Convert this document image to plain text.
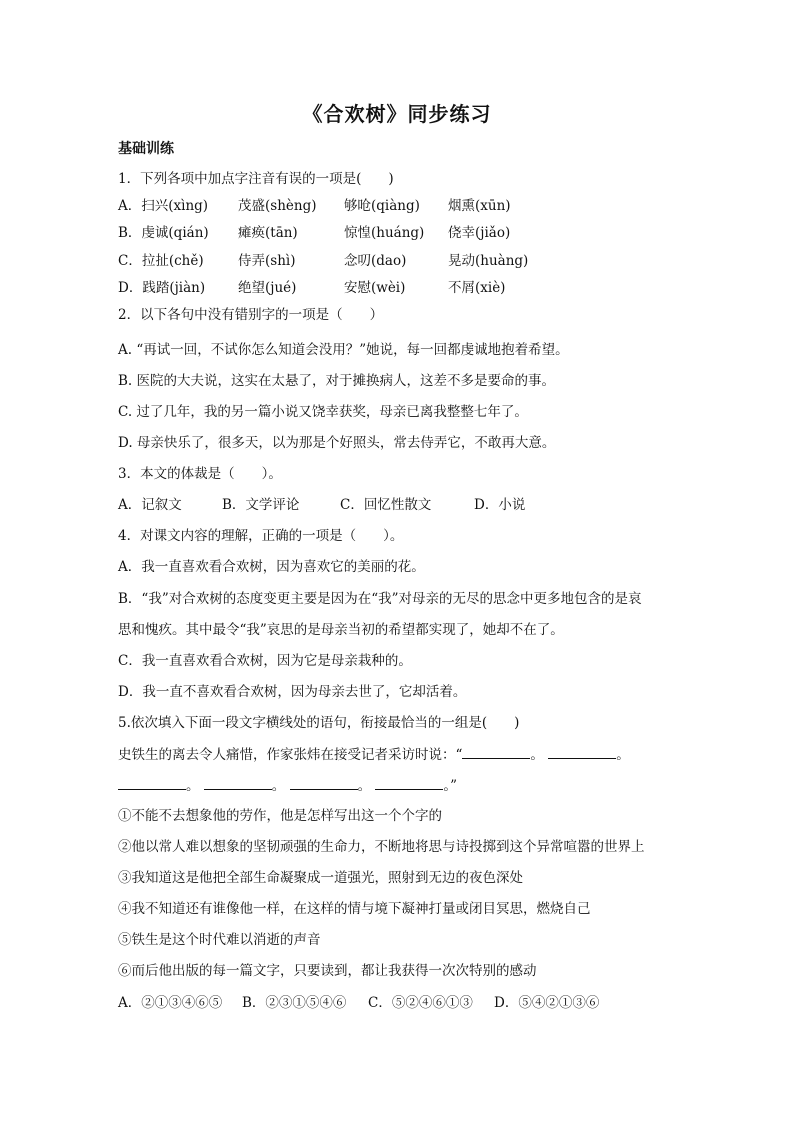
《合欢树》同步练习
基础训练
1．下列各项中加点字注音有误的一项是(　　)
A．扫兴(xìng) 茂盛(shèng) 够呛(qiàng) 烟熏(xūn)
B．虔诚(qián) 瘫痪(tān)	惊惶(huáng) 侥幸(jiǎo)
C．拉扯(chě)	侍弄(shì)	念叨(dao)	晃动(huàng)
D．践踏(jiàn) 绝望(jué)	安慰(wèi)	不屑(xiè)
2．以下各句中没有错别字的一项是（　　）
A. “再试一回，不试你怎么知道会没用？”她说，每一回都虔诚地抱着希望。
B. 医院的大夫说，这实在太悬了，对于摊换病人，这差不多是要命的事。
C. 过了几年，我的另一篇小说又饶幸获奖，母亲已离我整整七年了。
D. 母亲快乐了，很多天，以为那是个好照头，常去侍弄它，不敢再大意。
3．本文的体裁是（　　）。
A．记叙文	B．文学评论	C．回忆性散文	D．小说
4．对课文内容的理解，正确的一项是（　　）。
A．我一直喜欢看合欢树，因为喜欢它的美丽的花。
B．“我”对合欢树的态度变更主要是因为在“我”对母亲的无尽的思念中更多地包含的是哀
思和愧疚。其中最令“我”哀思的是母亲当初的希望都实现了，她却不在了。
C．我一直喜欢看合欢树，因为它是母亲栽种的。
D．我一直不喜欢看合欢树，因为母亲去世了，它却活着。
5.依次填入下面一段文字横线处的语句，衔接最恰当的一组是(　　)
史铁生的离去令人痛惜，作家张炜在接受记者采访时说：“	。	。
。	。	。	。”
①不能不去想象他的劳作，他是怎样写出这一个个字的
②他以常人难以想象的坚韧顽强的生命力，不断地将思与诗投掷到这个异常喧嚣的世界上
③我知道这是他把全部生命凝聚成一道强光，照射到无边的夜色深处
④我不知道还有谁像他一样，在这样的情与境下凝神打量或闭目冥思，燃烧自己
⑤铁生是这个时代难以消逝的声音
⑥而后他出版的每一篇文字，只要读到，都让我获得一次次特别的感动
A．②①③④⑥⑤ B．②③①⑤④⑥ C．⑤②④⑥①③ D．⑤④②①③⑥
